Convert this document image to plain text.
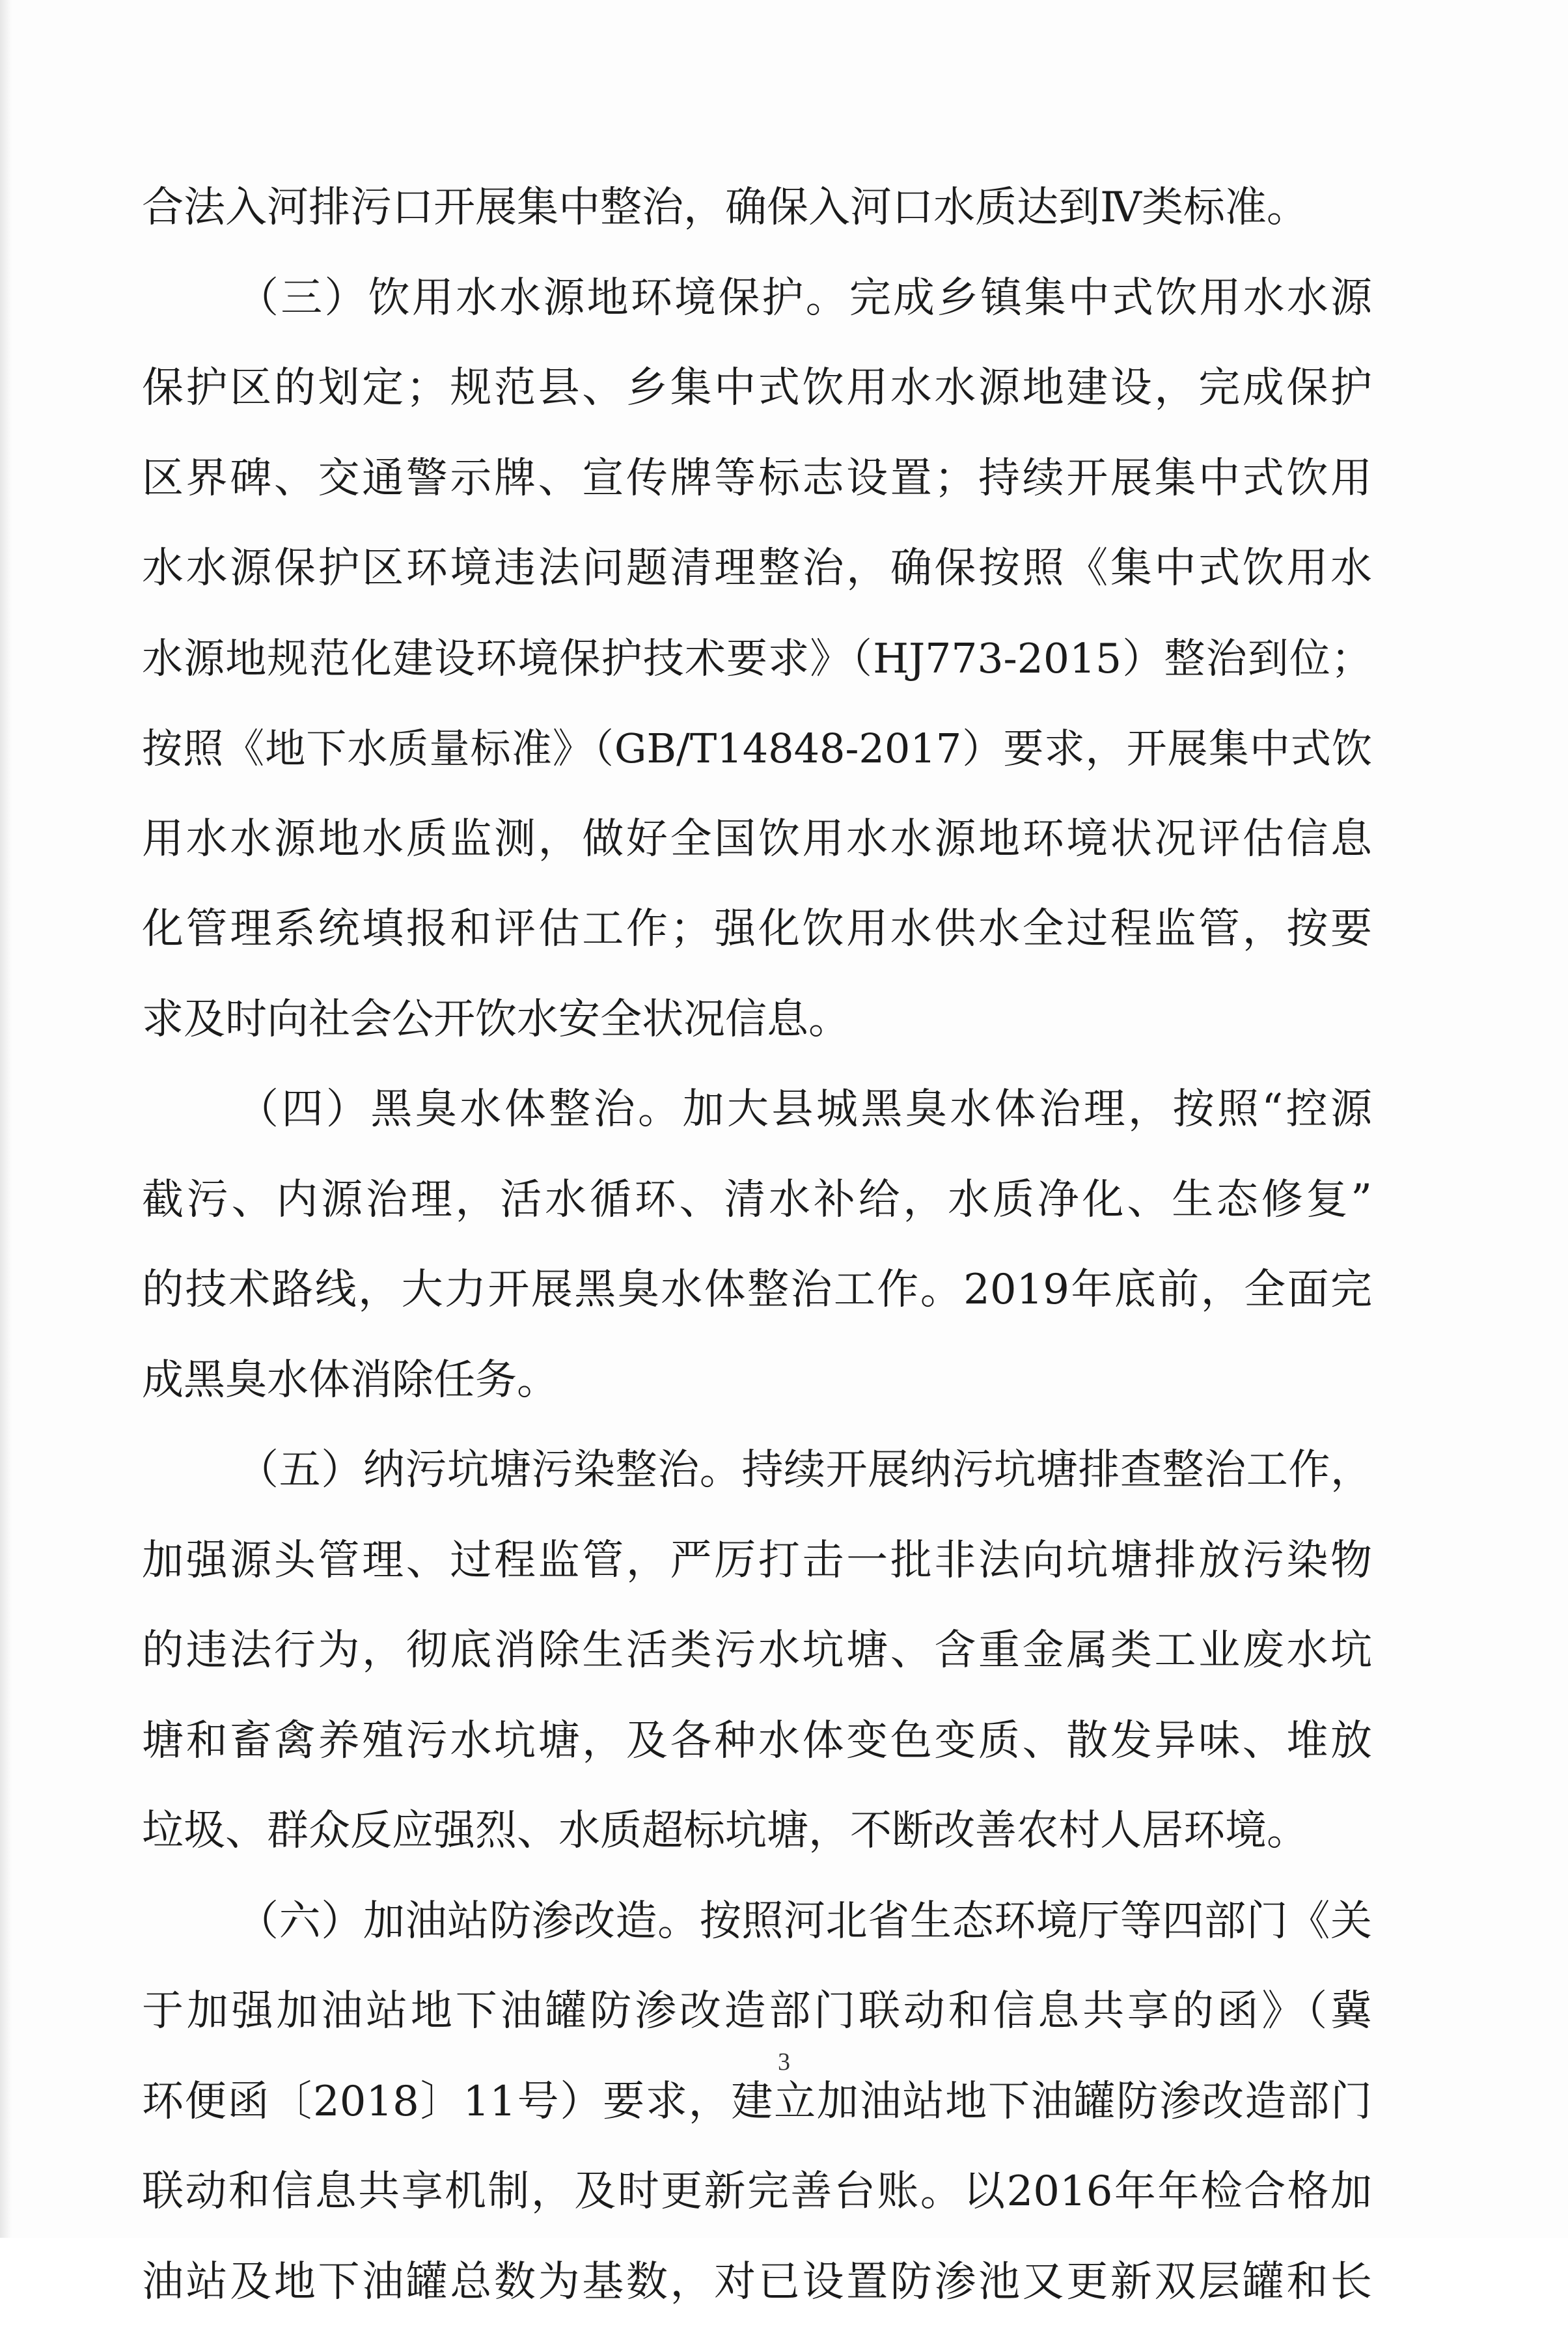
合法入河排污口开展集中整治，确保入河口水质达到Ⅳ类标准。
（三）饮用水水源地环境保护。完成乡镇集中式饮用水水源
保护区的划定；规范县、乡集中式饮用水水源地建设，完成保护
区界碑、交通警示牌、宣传牌等标志设置；持续开展集中式饮用
水水源保护区环境违法问题清理整治，确保按照《集中式饮用水
水源地规范化建设环境保护技术要求》（HJ773-2015）整治到位；
按照《地下水质量标准》（GB/T14848-2017）要求，开展集中式饮
用水水源地水质监测，做好全国饮用水水源地环境状况评估信息
化管理系统填报和评估工作；强化饮用水供水全过程监管，按要
求及时向社会公开饮水安全状况信息。
（四）黑臭水体整治。加大县城黑臭水体治理，按照“控源
截污、内源治理，活水循环、清水补给，水质净化、生态修复”
的技术路线，大力开展黑臭水体整治工作。2019年底前，全面完
成黑臭水体消除任务。
（五）纳污坑塘污染整治。持续开展纳污坑塘排查整治工作，
加强源头管理、过程监管，严厉打击一批非法向坑塘排放污染物
的违法行为，彻底消除生活类污水坑塘、含重金属类工业废水坑
塘和畜禽养殖污水坑塘，及各种水体变色变质、散发异味、堆放
垃圾、群众反应强烈、水质超标坑塘，不断改善农村人居环境。
（六）加油站防渗改造。按照河北省生态环境厅等四部门《关
于加强加油站地下油罐防渗改造部门联动和信息共享的函》（冀
环便函〔2018〕11号）要求，建立加油站地下油罐防渗改造部门
联动和信息共享机制，及时更新完善台账。以2016年年检合格加
油站及地下油罐总数为基数，对已设置防渗池又更新双层罐和长
3
